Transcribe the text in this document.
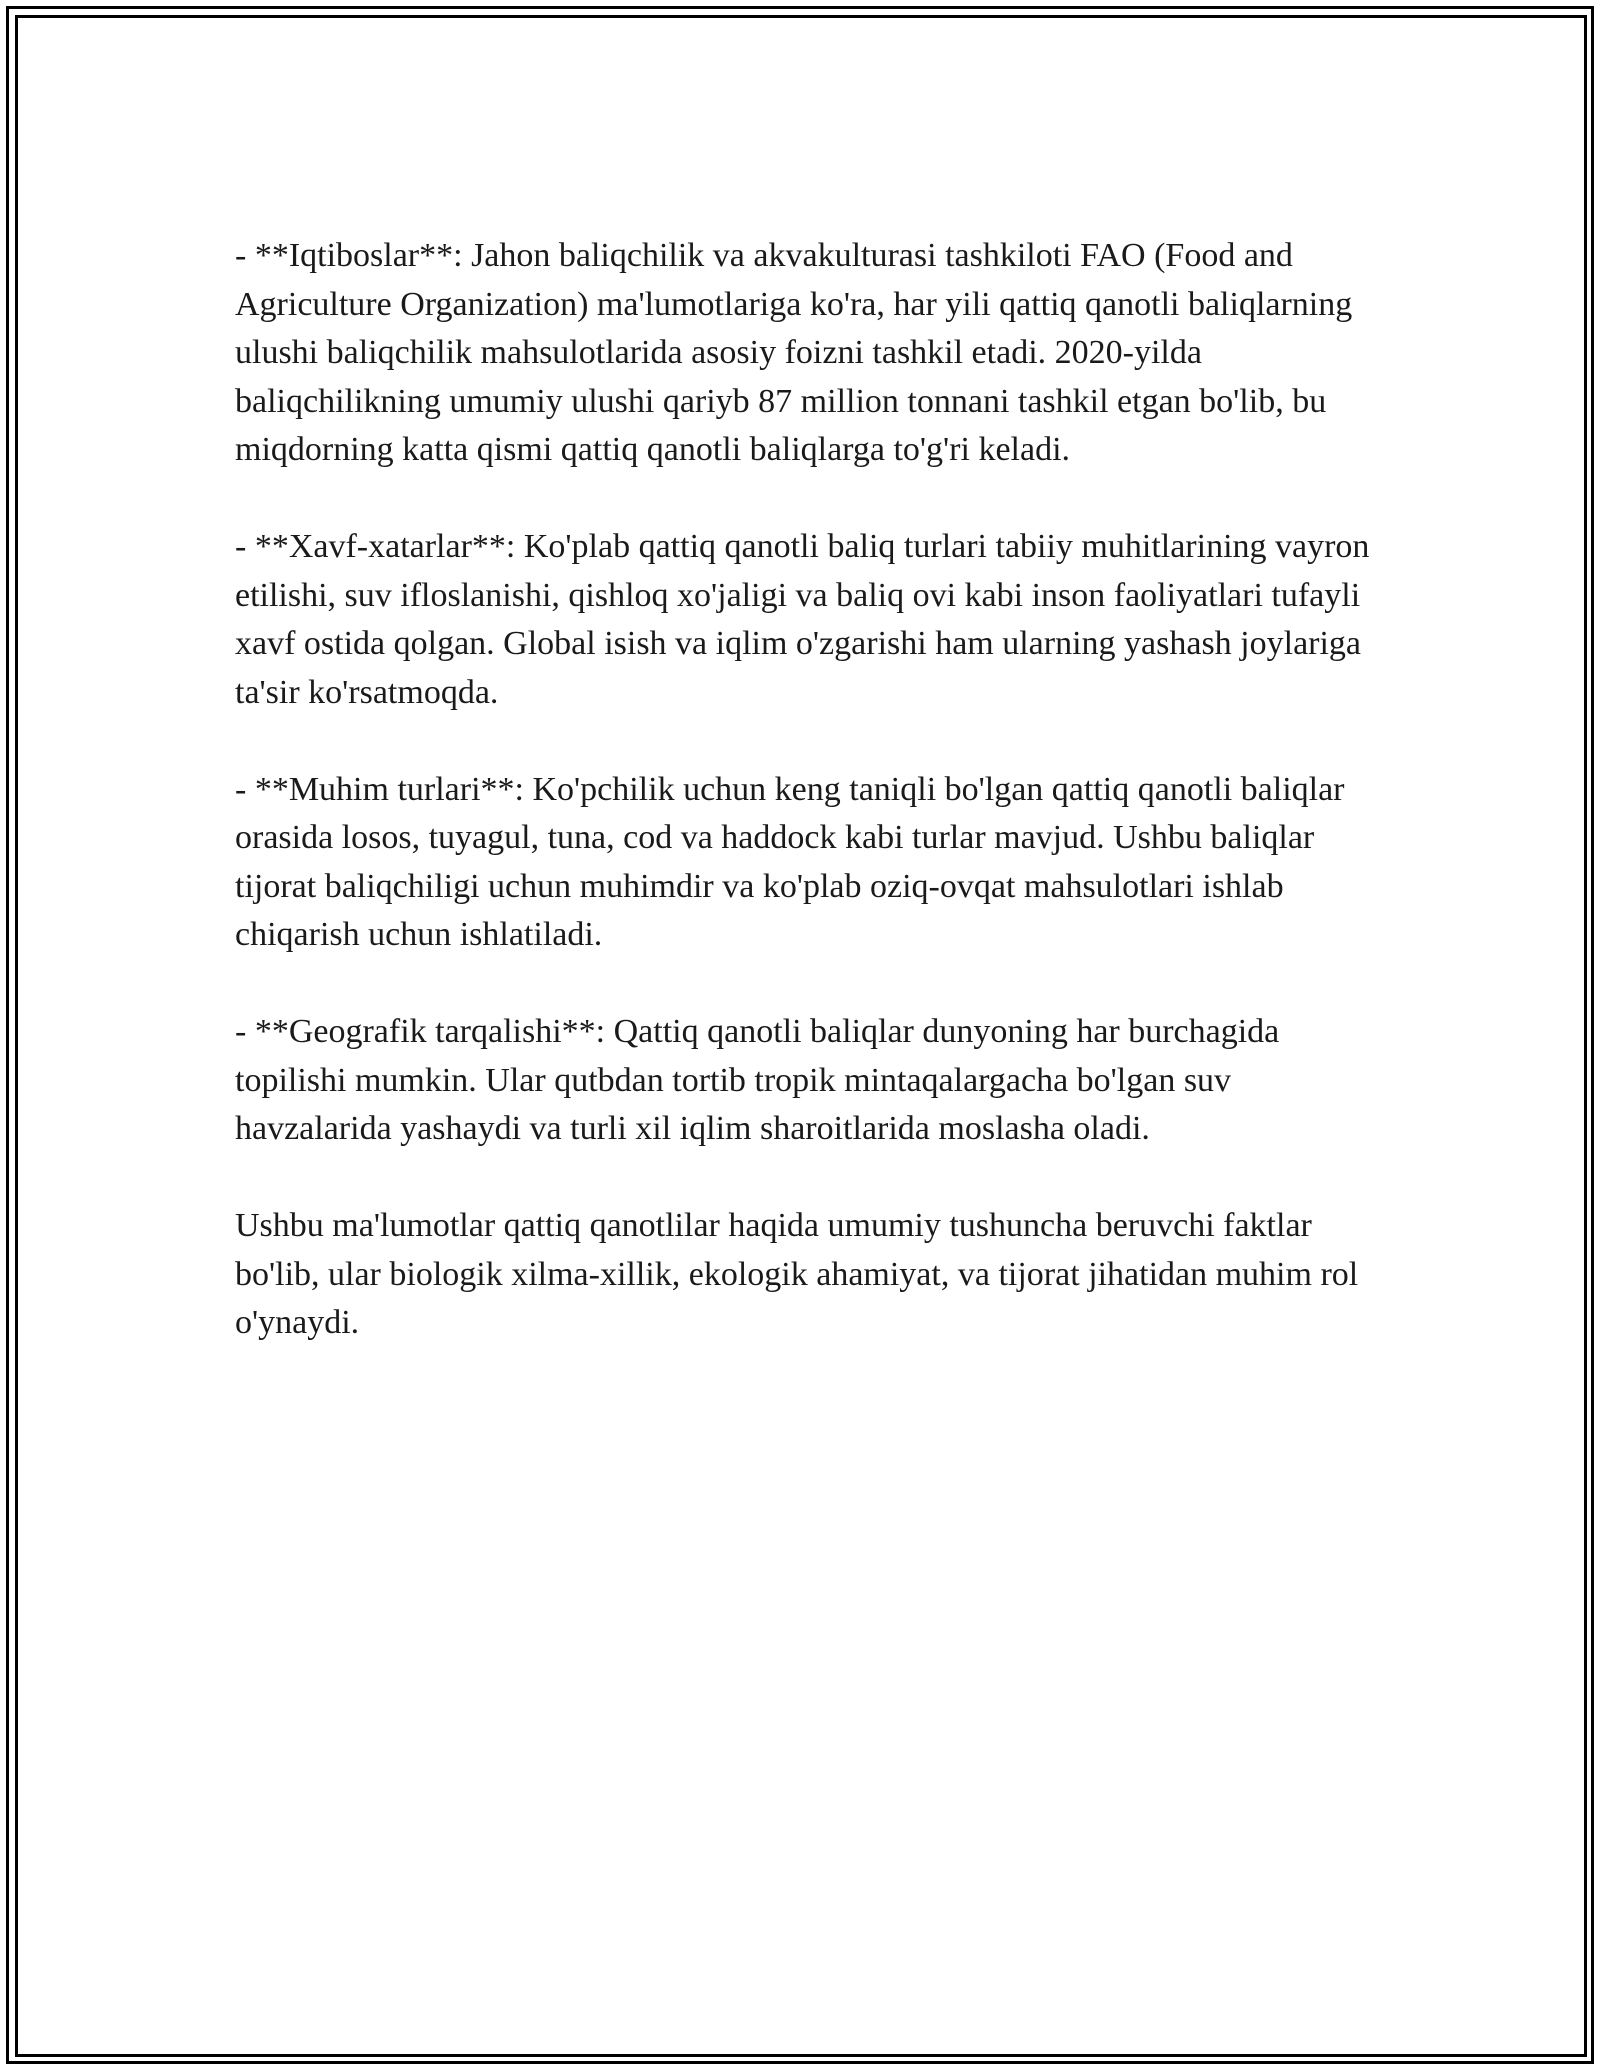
- **Iqtiboslar**: Jahon baliqchilik va akvakulturasi tashkiloti FAO (Food and Agriculture Organization) ma'lumotlariga ko'ra, har yili qattiq qanotli baliqlarning ulushi baliqchilik mahsulotlarida asosiy foizni tashkil etadi. 2020-yilda baliqchilikning umumiy ulushi qariyb 87 million tonnani tashkil etgan bo'lib, bu miqdorning katta qismi qattiq qanotli baliqlarga to'g'ri keladi.

- **Xavf-xatarlar**: Ko'plab qattiq qanotli baliq turlari tabiiy muhitlarining vayron etilishi, suv ifloslanishi, qishloq xo'jaligi va baliq ovi kabi inson faoliyatlari tufayli xavf ostida qolgan. Global isish va iqlim o'zgarishi ham ularning yashash joylariga ta'sir ko'rsatmoqda.

- **Muhim turlari**: Ko'pchilik uchun keng taniqli bo'lgan qattiq qanotli baliqlar orasida losos, tuyagul, tuna, cod va haddock kabi turlar mavjud. Ushbu baliqlar tijorat baliqchiligi uchun muhimdir va ko'plab oziq-ovqat mahsulotlari ishlab chiqarish uchun ishlatiladi.

- **Geografik tarqalishi**: Qattiq qanotli baliqlar dunyoning har burchagida topilishi mumkin. Ular qutbdan tortib tropik mintaqalargacha bo'lgan suv havzalarida yashaydi va turli xil iqlim sharoitlarida moslasha oladi.

Ushbu ma'lumotlar qattiq qanotlilar haqida umumiy tushuncha beruvchi faktlar bo'lib, ular biologik xilma-xillik, ekologik ahamiyat, va tijorat jihatidan muhim rol o'ynaydi.
